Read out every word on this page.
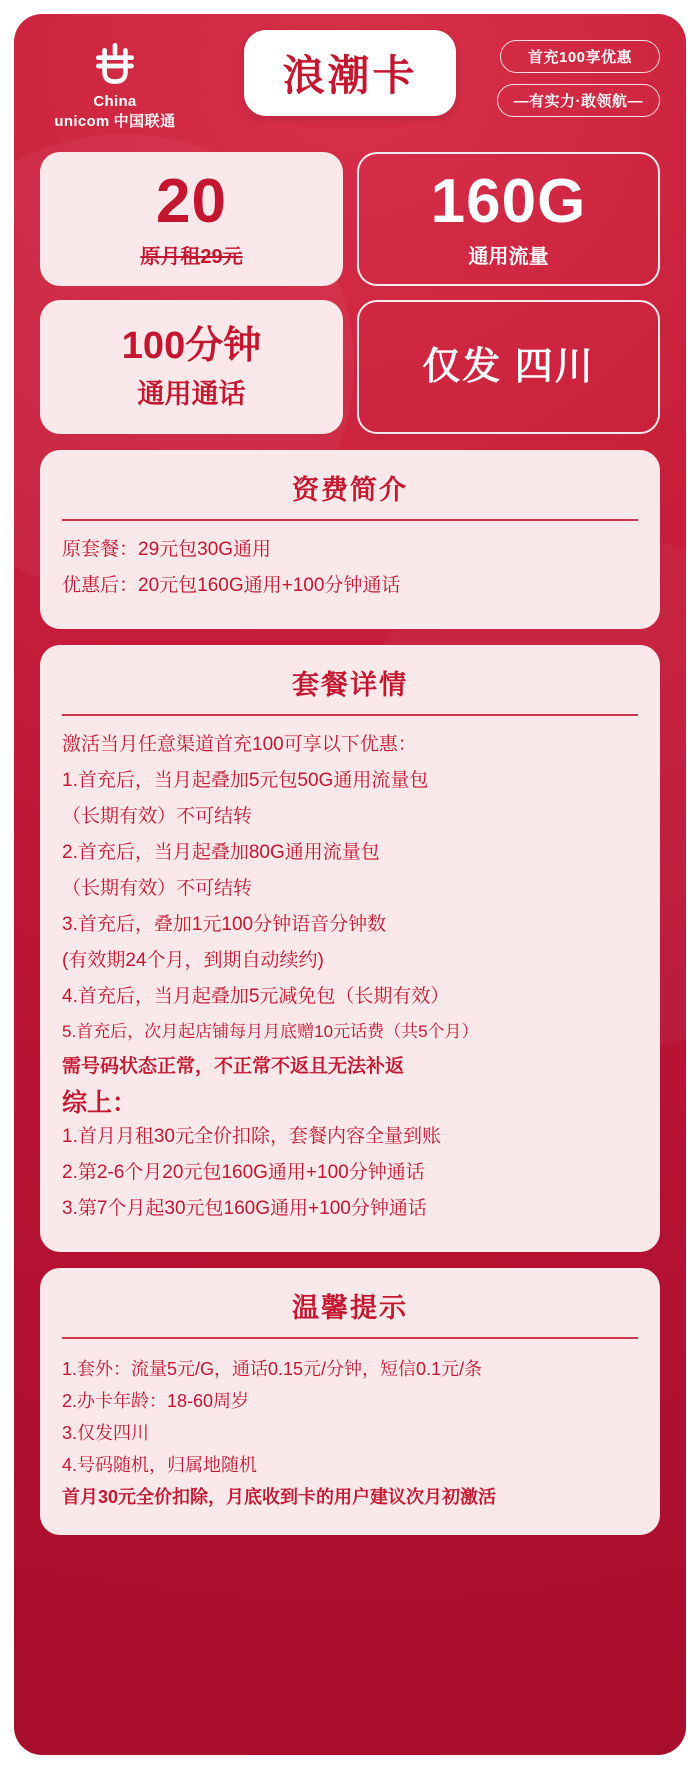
China
unicom 中国联通
浪潮卡	首充100享优惠
—有实力·敢领航—
20
原月租29元
160G
通用流量
100分钟
通用通话
仅发 四川
资费简介

原套餐：29元包30G通用

优惠后：20元包160G通用+100分钟通话

套餐详情

激活当月任意渠道首充100可享以下优惠：

1.首充后，当月起叠加5元包50G通用流量包

（长期有效）不可结转

2.首充后，当月起叠加80G通用流量包

（长期有效）不可结转

3.首充后，叠加1元100分钟语音分钟数

(有效期24个月，到期自动续约)

4.首充后，当月起叠加5元减免包（长期有效）

5.首充后，次月起店铺每月月底赠10元话费（共5个月）

需号码状态正常，不正常不返且无法补返

综上：

1.首月月租30元全价扣除，套餐内容全量到账

2.第2-6个月20元包160G通用+100分钟通话

3.第7个月起30元包160G通用+100分钟通话

温馨提示

1.套外：流量5元/G，通话0.15元/分钟，短信0.1元/条

2.办卡年龄：18-60周岁

3.仅发四川

4.号码随机，归属地随机

首月30元全价扣除，月底收到卡的用户建议次月初激活
